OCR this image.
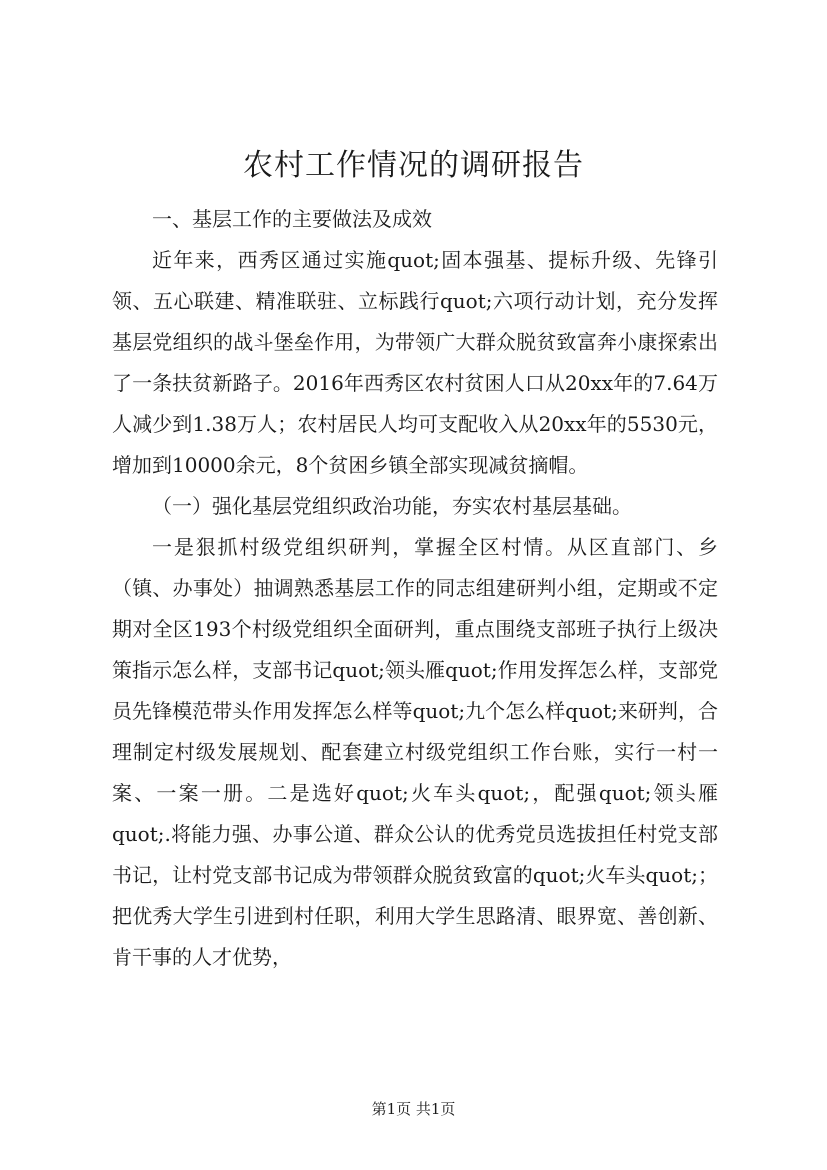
农村工作情况的调研报告

一、基层工作的主要做法及成效

近年来，西秀区通过实施quot;固本强基、提标升级、先锋引领、五心联建、精准联驻、立标践行quot;六项行动计划，充分发挥基层党组织的战斗堡垒作用，为带领广大群众脱贫致富奔小康探索出了一条扶贫新路子。2016年西秀区农村贫困人口从20xx年的7.64万人减少到1.38万人；农村居民人均可支配收入从20xx年的5530元，增加到10000余元，8个贫困乡镇全部实现减贫摘帽。

（一）强化基层党组织政治功能，夯实农村基层基础。

一是狠抓村级党组织研判，掌握全区村情。从区直部门、乡（镇、办事处）抽调熟悉基层工作的同志组建研判小组，定期或不定期对全区193个村级党组织全面研判，重点围绕支部班子执行上级决策指示怎么样，支部书记quot;领头雁quot;作用发挥怎么样，支部党员先锋模范带头作用发挥怎么样等quot;九个怎么样quot;来研判，合理制定村级发展规划、配套建立村级党组织工作台账，实行一村一案、一案一册。二是选好quot;火车头quot;，配强quot;领头雁quot;.将能力强、办事公道、群众公认的优秀党员选拔担任村党支部书记，让村党支部书记成为带领群众脱贫致富的quot;火车头quot;；把优秀大学生引进到村任职，利用大学生思路清、眼界宽、善创新、肯干事的人才优势，

第1页 共1页
